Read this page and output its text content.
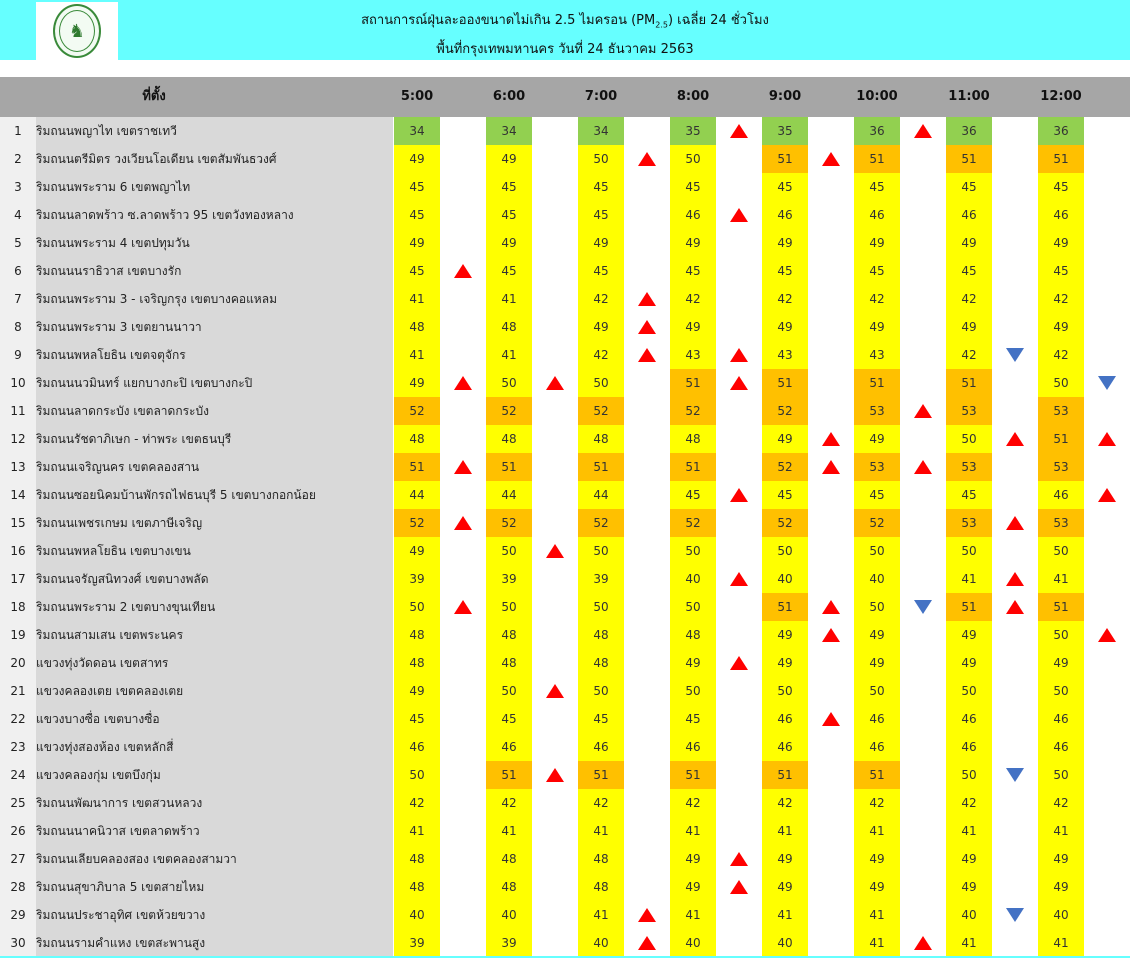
♞	สถานการณ์ฝุ่นละอองขนาดไม่เกิน 2.5 ไมครอน $(PM_{2.5})$ เฉลี่ย 24 ชั่วโมง
พื้นที่กรุงเทพมหานคร วันที่ 24 ธันวาคม 2563
ที่ตั้ง	5:00	6:00	7:00	8:00	9:00	10:00	11:00	12:00
1	ริมถนนพญาไท เขตราชเทวี	34	34	34	35	35	36	36	36
2	ริมถนนตรีมิตร วงเวียนโอเดียน เขตสัมพันธวงศ์	49	49	50	50	51	51	51	51
3	ริมถนนพระราม 6 เขตพญาไท	45	45	45	45	45	45	45	45
4	ริมถนนลาดพร้าว ซ.ลาดพร้าว 95 เขตวังทองหลาง	45	45	45	46	46	46	46	46
5	ริมถนนพระราม 4 เขตปทุมวัน	49	49	49	49	49	49	49	49
6	ริมถนนนราธิวาส เขตบางรัก	45	45	45	45	45	45	45	45
7	ริมถนนพระราม 3 - เจริญกรุง เขตบางคอแหลม	41	41	42	42	42	42	42	42
8	ริมถนนพระราม 3 เขตยานนาวา	48	48	49	49	49	49	49	49
9	ริมถนนพหลโยธิน เขตจตุจักร	41	41	42	43	43	43	42	42
10 ริมถนนนวมินทร์ แยกบางกะปิ เขตบางกะปิ	49	50	50	51	51	51	51	50
11 ริมถนนลาดกระบัง เขตลาดกระบัง	52	52	52	52	52	53	53	53
12 ริมถนนรัชดาภิเษก - ท่าพระ เขตธนบุรี	48	48	48	48	49	49	50	51
13 ริมถนนเจริญนคร เขตคลองสาน	51	51	51	51	52	53	53	53
14 ริมถนนซอยนิคมบ้านพักรถไฟธนบุรี 5 เขตบางกอกน้อย	44	44	44	45	45	45	45	46
15 ริมถนนเพชรเกษม เขตภาษีเจริญ	52	52	52	52	52	52	53	53
16 ริมถนนพหลโยธิน เขตบางเขน	49	50	50	50	50	50	50	50
17 ริมถนนจรัญสนิทวงศ์ เขตบางพลัด	39	39	39	40	40	40	41	41
18 ริมถนนพระราม 2 เขตบางขุนเทียน	50	50	50	50	51	50	51	51
19 ริมถนนสามเสน เขตพระนคร	48	48	48	48	49	49	49	50
20 แขวงทุ่งวัดดอน เขตสาทร	48	48	48	49	49	49	49	49
21 แขวงคลองเตย เขตคลองเตย	49	50	50	50	50	50	50	50
22 แขวงบางซื่อ เขตบางซื่อ	45	45	45	45	46	46	46	46
23 แขวงทุ่งสองห้อง เขตหลักสี่	46	46	46	46	46	46	46	46
24 แขวงคลองกุ่ม เขตบึงกุ่ม	50	51	51	51	51	51	50	50
25 ริมถนนพัฒนาการ เขตสวนหลวง	42	42	42	42	42	42	42	42
26 ริมถนนนาคนิวาส เขตลาดพร้าว	41	41	41	41	41	41	41	41
27 ริมถนนเลียบคลองสอง เขตคลองสามวา	48	48	48	49	49	49	49	49
28 ริมถนนสุขาภิบาล 5 เขตสายไหม	48	48	48	49	49	49	49	49
29 ริมถนนประชาอุทิศ เขตห้วยขวาง	40	40	41	41	41	41	40	40
30 ริมถนนรามคำแหง เขตสะพานสูง	39	39	40	40	40	41	41	41
